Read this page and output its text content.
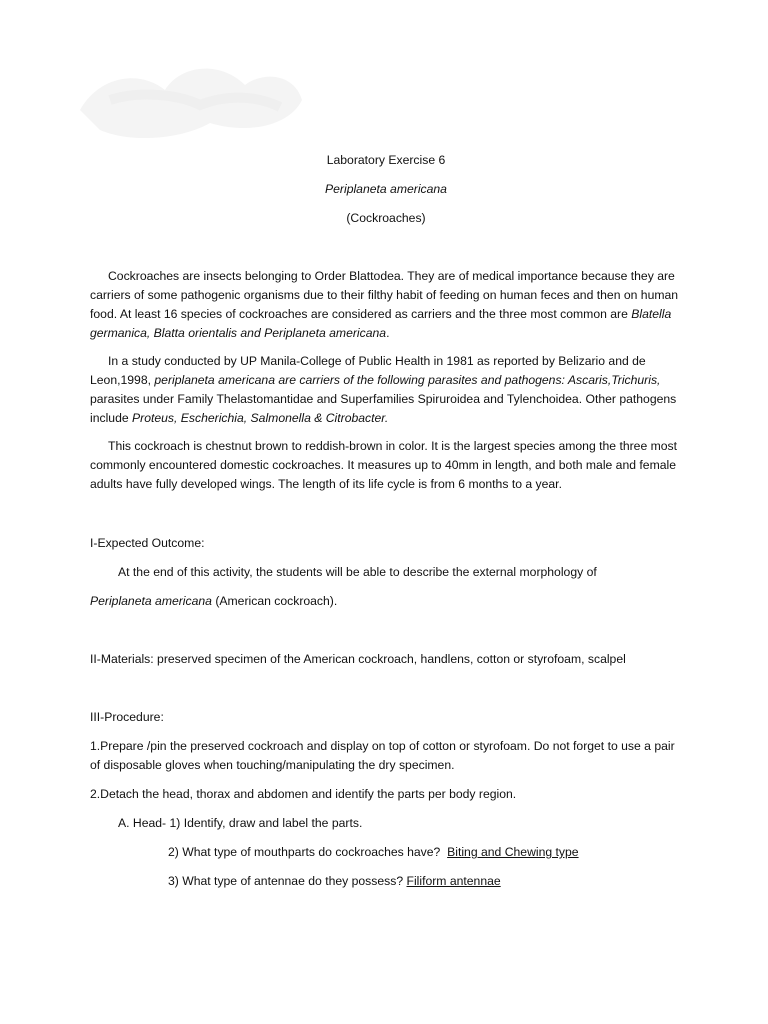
Laboratory Exercise 6
Periplaneta americana
(Cockroaches)
Cockroaches are insects belonging to Order Blattodea. They are of medical importance because they are carriers of some pathogenic organisms due to their filthy habit of feeding on human feces and then on human food. At least 16 species of cockroaches are considered as carriers and the three most common are Blatella germanica, Blatta orientalis and Periplaneta americana.
In a study conducted by UP Manila-College of Public Health in 1981 as reported by Belizario and de Leon,1998, periplaneta americana are carriers of the following parasites and pathogens: Ascaris,Trichuris, parasites under Family Thelastomantidae and Superfamilies Spiruroidea and Tylenchoidea. Other pathogens include Proteus, Escherichia, Salmonella & Citrobacter.
This cockroach is chestnut brown to reddish-brown in color. It is the largest species among the three most commonly encountered domestic cockroaches. It measures up to 40mm in length, and both male and female adults have fully developed wings. The length of its life cycle is from 6 months to a year.
I-Expected Outcome:
At the end of this activity, the students will be able to describe the external morphology of
Periplaneta americana (American cockroach).
II-Materials: preserved specimen of the American cockroach, handlens, cotton or styrofoam, scalpel
III-Procedure:
1.Prepare /pin the preserved cockroach and display on top of cotton or styrofoam. Do not forget to use a pair of disposable gloves when touching/manipulating the dry specimen.
2.Detach the head, thorax and abdomen and identify the parts per body region.
A. Head- 1) Identify, draw and label the parts.
2) What type of mouthparts do cockroaches have? Biting and Chewing type
3) What type of antennae do they possess? Filiform antennae
